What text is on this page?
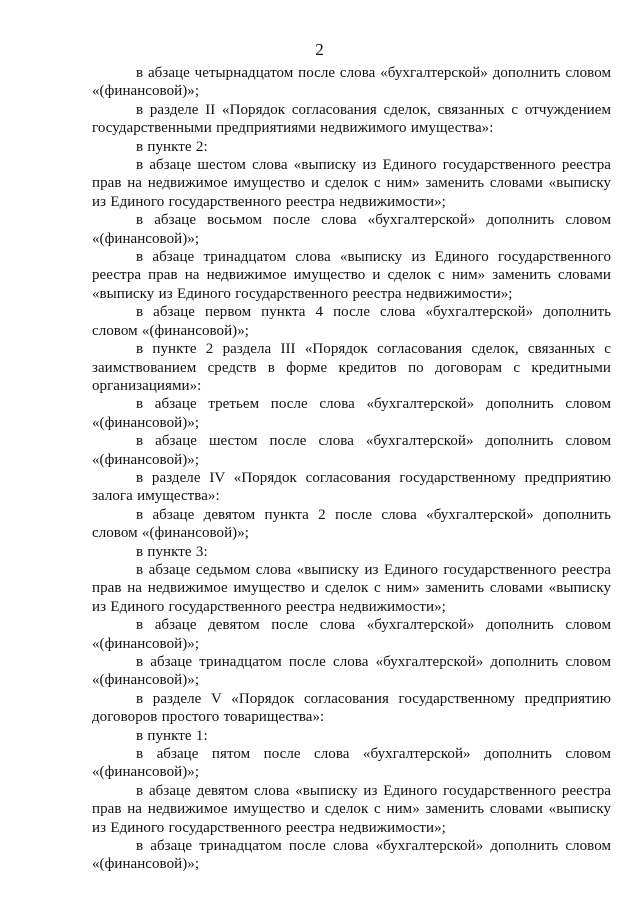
2

в абзаце четырнадцатом после слова «бухгалтерской» дополнить словом «(финансовой)»;

в разделе II «Порядок согласования сделок, связанных с отчуждением государственными предприятиями недвижимого имущества»:

в пункте 2:

в абзаце шестом слова «выписку из Единого государственного реестра прав на недвижимое имущество и сделок с ним» заменить словами «выписку из Единого государственного реестра недвижимости»;

в абзаце восьмом после слова «бухгалтерской» дополнить словом «(финансовой)»;

в абзаце тринадцатом слова «выписку из Единого государственного реестра прав на недвижимое имущество и сделок с ним» заменить словами «выписку из Единого государственного реестра недвижимости»;

в абзаце первом пункта 4 после слова «бухгалтерской» дополнить словом «(финансовой)»;

в пункте 2 раздела III «Порядок согласования сделок, связанных с заимствованием средств в форме кредитов по договорам с кредитными организациями»:

в абзаце третьем после слова «бухгалтерской» дополнить словом «(финансовой)»;

в абзаце шестом после слова «бухгалтерской» дополнить словом «(финансовой)»;

в разделе IV «Порядок согласования государственному предприятию залога имущества»:

в абзаце девятом пункта 2 после слова «бухгалтерской» дополнить словом «(финансовой)»;

в пункте 3:

в абзаце седьмом слова «выписку из Единого государственного реестра прав на недвижимое имущество и сделок с ним» заменить словами «выписку из Единого государственного реестра недвижимости»;

в абзаце девятом после слова «бухгалтерской» дополнить словом «(финансовой)»;

в абзаце тринадцатом после слова «бухгалтерской» дополнить словом «(финансовой)»;

в разделе V «Порядок согласования государственному предприятию договоров простого товарищества»:

в пункте 1:

в абзаце пятом после слова «бухгалтерской» дополнить словом «(финансовой)»;

в абзаце девятом слова «выписку из Единого государственного реестра прав на недвижимое имущество и сделок с ним» заменить словами «выписку из Единого государственного реестра недвижимости»;

в абзаце тринадцатом после слова «бухгалтерской» дополнить словом «(финансовой)»;
